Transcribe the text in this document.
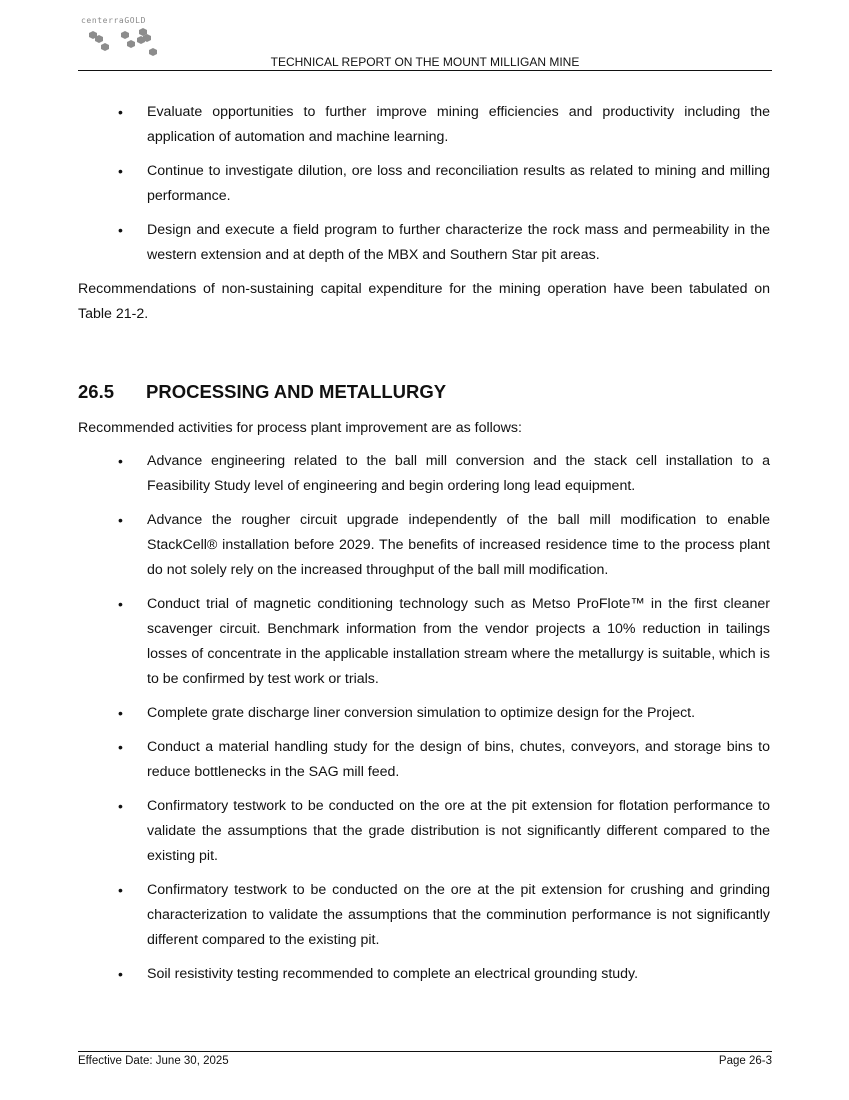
centerraGOLD
TECHNICAL REPORT ON THE MOUNT MILLIGAN MINE
• Evaluate opportunities to further improve mining efficiencies and productivity including the application of automation and machine learning.
• Continue to investigate dilution, ore loss and reconciliation results as related to mining and milling performance.
• Design and execute a field program to further characterize the rock mass and permeability in the western extension and at depth of the MBX and Southern Star pit areas.

Recommendations of non-sustaining capital expenditure for the mining operation have been tabulated on Table 21-2.

26.5	PROCESSING AND METALLURGY

Recommended activities for process plant improvement are as follows:

• Advance engineering related to the ball mill conversion and the stack cell installation to a Feasibility Study level of engineering and begin ordering long lead equipment.
• Advance the rougher circuit upgrade independently of the ball mill modification to enable StackCell® installation before 2029. The benefits of increased residence time to the process plant do not solely rely on the increased throughput of the ball mill modification.
• Conduct trial of magnetic conditioning technology such as Metso ProFlote™ in the first cleaner scavenger circuit. Benchmark information from the vendor projects a 10% reduction in tailings losses of concentrate in the applicable installation stream where the metallurgy is suitable, which is to be confirmed by test work or trials.
• Complete grate discharge liner conversion simulation to optimize design for the Project.
• Conduct a material handling study for the design of bins, chutes, conveyors, and storage bins to reduce bottlenecks in the SAG mill feed.
• Confirmatory testwork to be conducted on the ore at the pit extension for flotation performance to validate the assumptions that the grade distribution is not significantly different compared to the existing pit.
• Confirmatory testwork to be conducted on the ore at the pit extension for crushing and grinding characterization to validate the assumptions that the comminution performance is not significantly different compared to the existing pit.
• Soil resistivity testing recommended to complete an electrical grounding study.
Effective Date: June 30, 2025	Page 26-3
